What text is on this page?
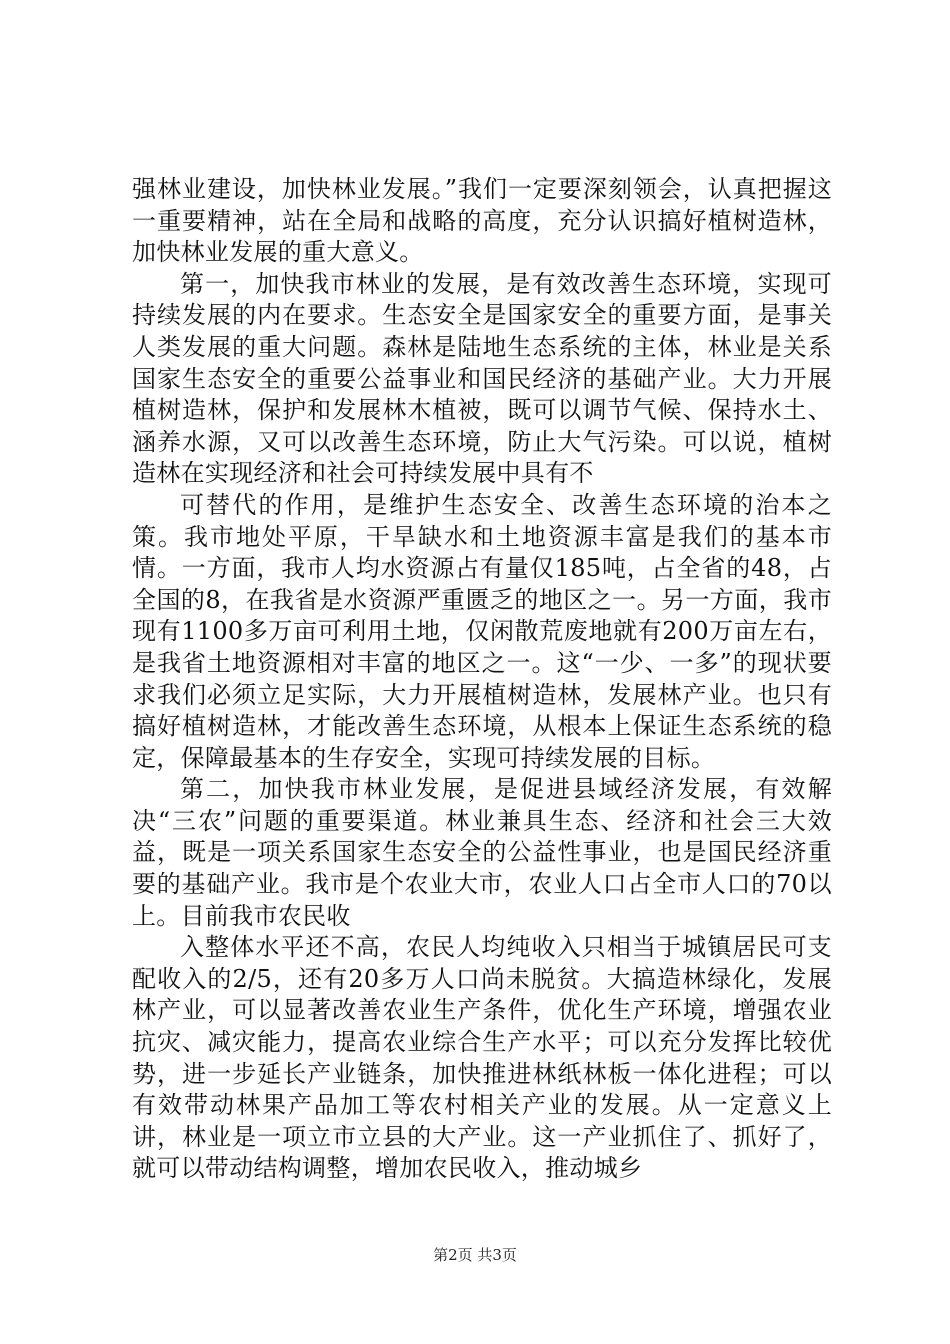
强林业建设，加快林业发展。”我们一定要深刻领会，认真把握这一重要精神，站在全局和战略的高度，充分认识搞好植树造林，加快林业发展的重大意义。

第一，加快我市林业的发展，是有效改善生态环境，实现可持续发展的内在要求。生态安全是国家安全的重要方面，是事关人类发展的重大问题。森林是陆地生态系统的主体，林业是关系国家生态安全的重要公益事业和国民经济的基础产业。大力开展植树造林，保护和发展林木植被，既可以调节气候、保持水土、涵养水源，又可以改善生态环境，防止大气污染。可以说，植树造林在实现经济和社会可持续发展中具有不

可替代的作用，是维护生态安全、改善生态环境的治本之策。我市地处平原，干旱缺水和土地资源丰富是我们的基本市情。一方面，我市人均水资源占有量仅185吨，占全省的48，占全国的8，在我省是水资源严重匮乏的地区之一。另一方面，我市现有1100多万亩可利用土地，仅闲散荒废地就有200万亩左右，是我省土地资源相对丰富的地区之一。这“一少、一多”的现状要求我们必须立足实际，大力开展植树造林，发展林产业。也只有搞好植树造林，才能改善生态环境，从根本上保证生态系统的稳定，保障最基本的生存安全，实现可持续发展的目标。

第二，加快我市林业发展，是促进县域经济发展，有效解决“三农”问题的重要渠道。林业兼具生态、经济和社会三大效益，既是一项关系国家生态安全的公益性事业，也是国民经济重要的基础产业。我市是个农业大市，农业人口占全市人口的70以上。目前我市农民收

入整体水平还不高，农民人均纯收入只相当于城镇居民可支配收入的2/5，还有20多万人口尚未脱贫。大搞造林绿化，发展林产业，可以显著改善农业生产条件，优化生产环境，增强农业抗灾、减灾能力，提高农业综合生产水平；可以充分发挥比较优势，进一步延长产业链条，加快推进林纸林板一体化进程；可以有效带动林果产品加工等农村相关产业的发展。从一定意义上讲，林业是一项立市立县的大产业。这一产业抓住了、抓好了，就可以带动结构调整，增加农民收入，推动城乡

第2页 共3页
